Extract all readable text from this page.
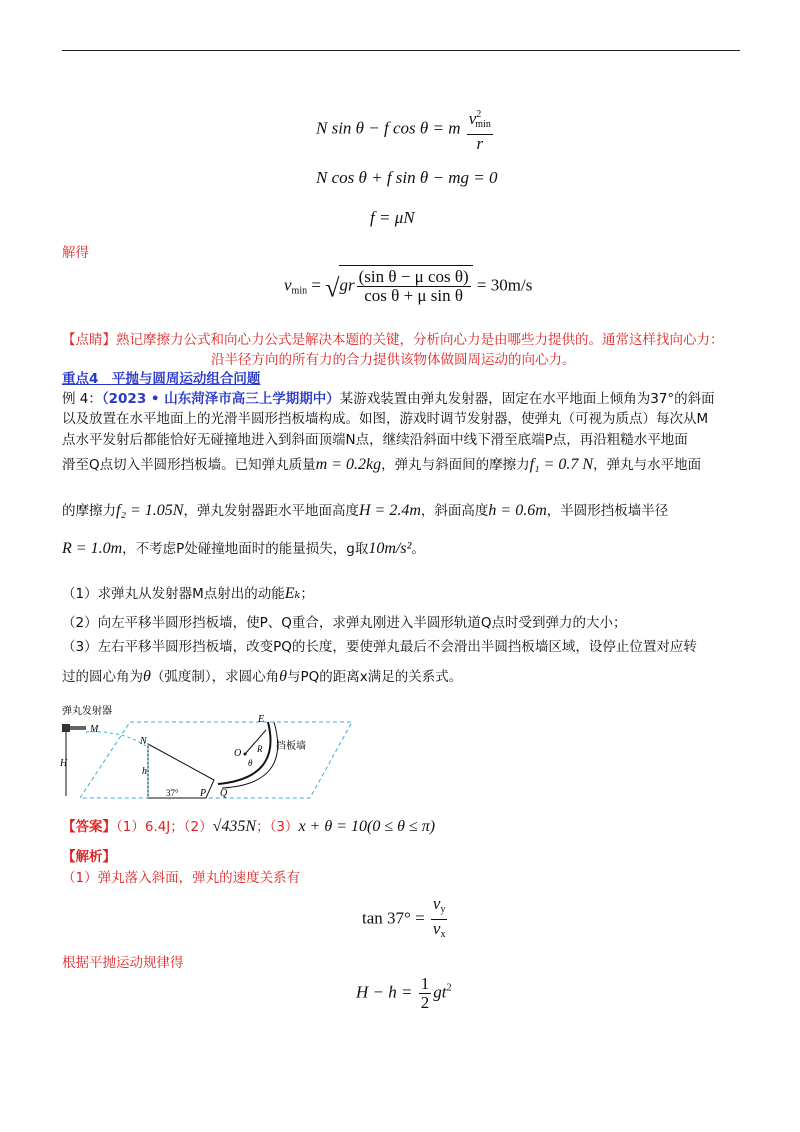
N sin θ − f cos θ = m $\frac{v^2_{min}}{r}$
N cos θ + f sin θ − mg = 0
f = μN
解得
$v_{min} = √gr \frac{\text{(sin θ − μ cos θ)}}{\text{cos θ + μ sin θ}} = 30m/s$
【点睛】熟记摩擦力公式和向心力公式是解决本题的关键，分析向心力是由哪些力提供的。通常这样找向心力：
沿半径方向的所有力的合力提供该物体做圆周运动的向心力。
重点4　平抛与圆周运动组合问题
例 4：（2023 • 山东菏泽市高三上学期期中）某游戏装置由弹丸发射器，固定在水平地面上倾角为37°的斜面
以及放置在水平地面上的光滑半圆形挡板墙构成。如图，游戏时调节发射器，使弹丸（可视为质点）每次从M
点水平发射后都能恰好无碰撞地进入到斜面顶端N点，继续沿斜面中线下滑至底端P点，再沿粗糙水平地面
滑至Q点切入半圆形挡板墙。已知弹丸质量m = 0.2kg，弹丸与斜面间的摩擦力f₁ = 0.7 N，弹丸与水平地面
的摩擦力f₂ = 1.05N，弹丸发射器距水平地面高度H = 2.4m，斜面高度h = 0.6m，半圆形挡板墙半径
R = 1.0m，不考虑P处碰撞地面时的能量损失，g取10m/s²。
（1）求弹丸从发射器M点射出的动能Eₖ；
（2）向左平移半圆形挡板墙，使P、Q重合，求弹丸刚进入半圆形轨道Q点时受到弹力的大小；
（3）左右平移半圆形挡板墙，改变PQ的长度，要使弹丸最后不会滑出半圆挡板墙区域，设停止位置对应转
过的圆心角为θ（弧度制），求圆心角θ与PQ的距离x满足的关系式。
弹丸发射器
M
H
N
h
37° P Q
E
O R
θ
挡板墙
【答案】（1）6.4J；（2）√435N；（3）x + θ = 10(0 ≤ θ ≤ π)
【解析】
（1）弹丸落入斜面，弹丸的速度关系有
$\tan 37^\circ = \frac{v_y}{v_x}$
根据平抛运动规律得
$H - h = \frac{1}{2} gt^2$
